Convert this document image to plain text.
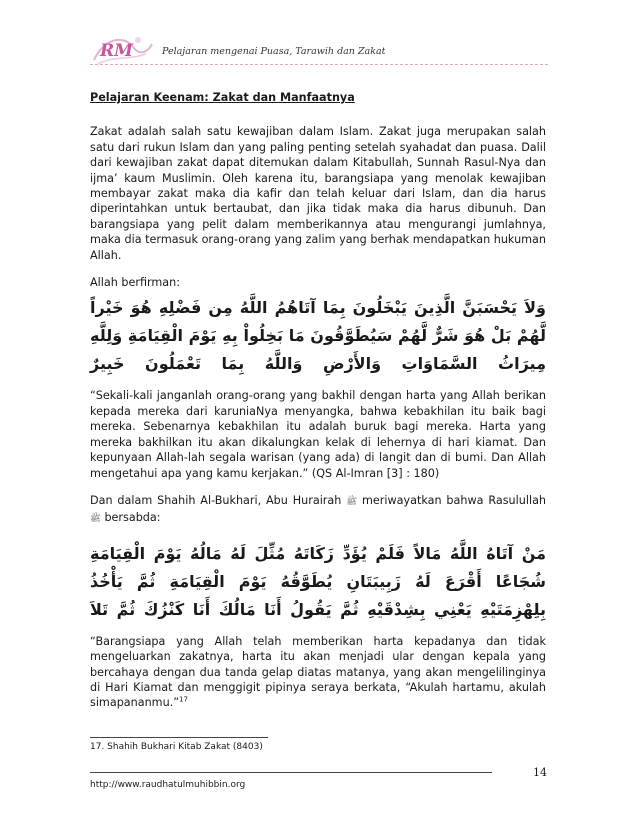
RM	Pelajaran mengenai Puasa, Tarawih dan Zakat
Pelajaran Keenam: Zakat dan Manfaatnya

Zakat adalah salah satu kewajiban dalam Islam. Zakat juga merupakan salah satu dari rukun Islam dan yang paling penting setelah syahadat dan puasa. Dalil dari kewajiban zakat dapat ditemukan dalam Kitabullah, Sunnah Rasul-Nya dan ijma’ kaum Muslimin. Oleh karena itu, barangsiapa yang menolak kewajiban membayar zakat maka dia kafir dan telah keluar dari Islam, dan dia harus diperintahkan untuk bertaubat, dan jika tidak maka dia harus dibunuh. Dan barangsiapa yang pelit dalam memberikannya atau mengurangi jumlahnya, maka dia termasuk orang-orang yang zalim yang berhak mendapatkan hukuman Allah.

Allah berfirman:

وَلاَ يَحْسَبَنَّ الَّذِينَ يَبْخَلُونَ بِمَا آتَاهُمُ اللَّهُ مِن فَضْلِهِ هُوَ خَيْراً لَّهُمْ بَلْ هُوَ شَرٌّ لَّهُمْ سَيُطَوَّقُونَ مَا بَخِلُواْ بِهِ يَوْمَ الْقِيَامَةِ وَلِلَّهِ مِيرَاثُ السَّمَاوَاتِ وَالأَرْضِ وَاللَّهُ بِمَا تَعْمَلُونَ خَبِيرٌ

“Sekali-kali janganlah orang-orang yang bakhil dengan harta yang Allah berikan kepada mereka dari karuniaNya menyangka, bahwa kebakhilan itu baik bagi mereka. Sebenarnya kebakhilan itu adalah buruk bagi mereka. Harta yang mereka bakhilkan itu akan dikalungkan kelak di lehernya di hari kiamat. Dan kepunyaan Allah-lah segala warisan (yang ada) di langit dan di bumi. Dan Allah mengetahui apa yang kamu kerjakan.” (QS Al-Imran [3] : 180)

Dan dalam Shahih Al-Bukhari, Abu Hurairah ﷺ meriwayatkan bahwa Rasulullah ﷺ bersabda:

مَنْ آتَاهُ اللَّهُ مَالاً فَلَمْ يُؤَدِّ زَكَاتَهُ مُثِّلَ لَهُ مَالُهُ يَوْمَ الْقِيَامَةِ شُجَاعًا أَقْرَعَ لَهُ زَبِيبَتَانِ يُطَوَّقُهُ يَوْمَ الْقِيَامَةِ ثُمَّ يَأْخُذُ بِلِهْزِمَتَيْهِ يَعْنِي بِشِدْقَيْهِ ثُمَّ يَقُولُ أَنَا مَالُكَ أَنَا كَنْزُكَ ثُمَّ تَلاَ

“Barangsiapa yang Allah telah memberikan harta kepadanya dan tidak mengeluarkan zakatnya, harta itu akan menjadi ular dengan kepala yang bercahaya dengan dua tanda gelap diatas matanya, yang akan mengelilinginya di Hari Kiamat dan menggigit pipinya seraya berkata, “Akulah hartamu, akulah simapananmu.”$^{17}$

17. Shahih Bukhari Kitab Zakat (8403)
14
http://www.raudhatulmuhibbin.org
